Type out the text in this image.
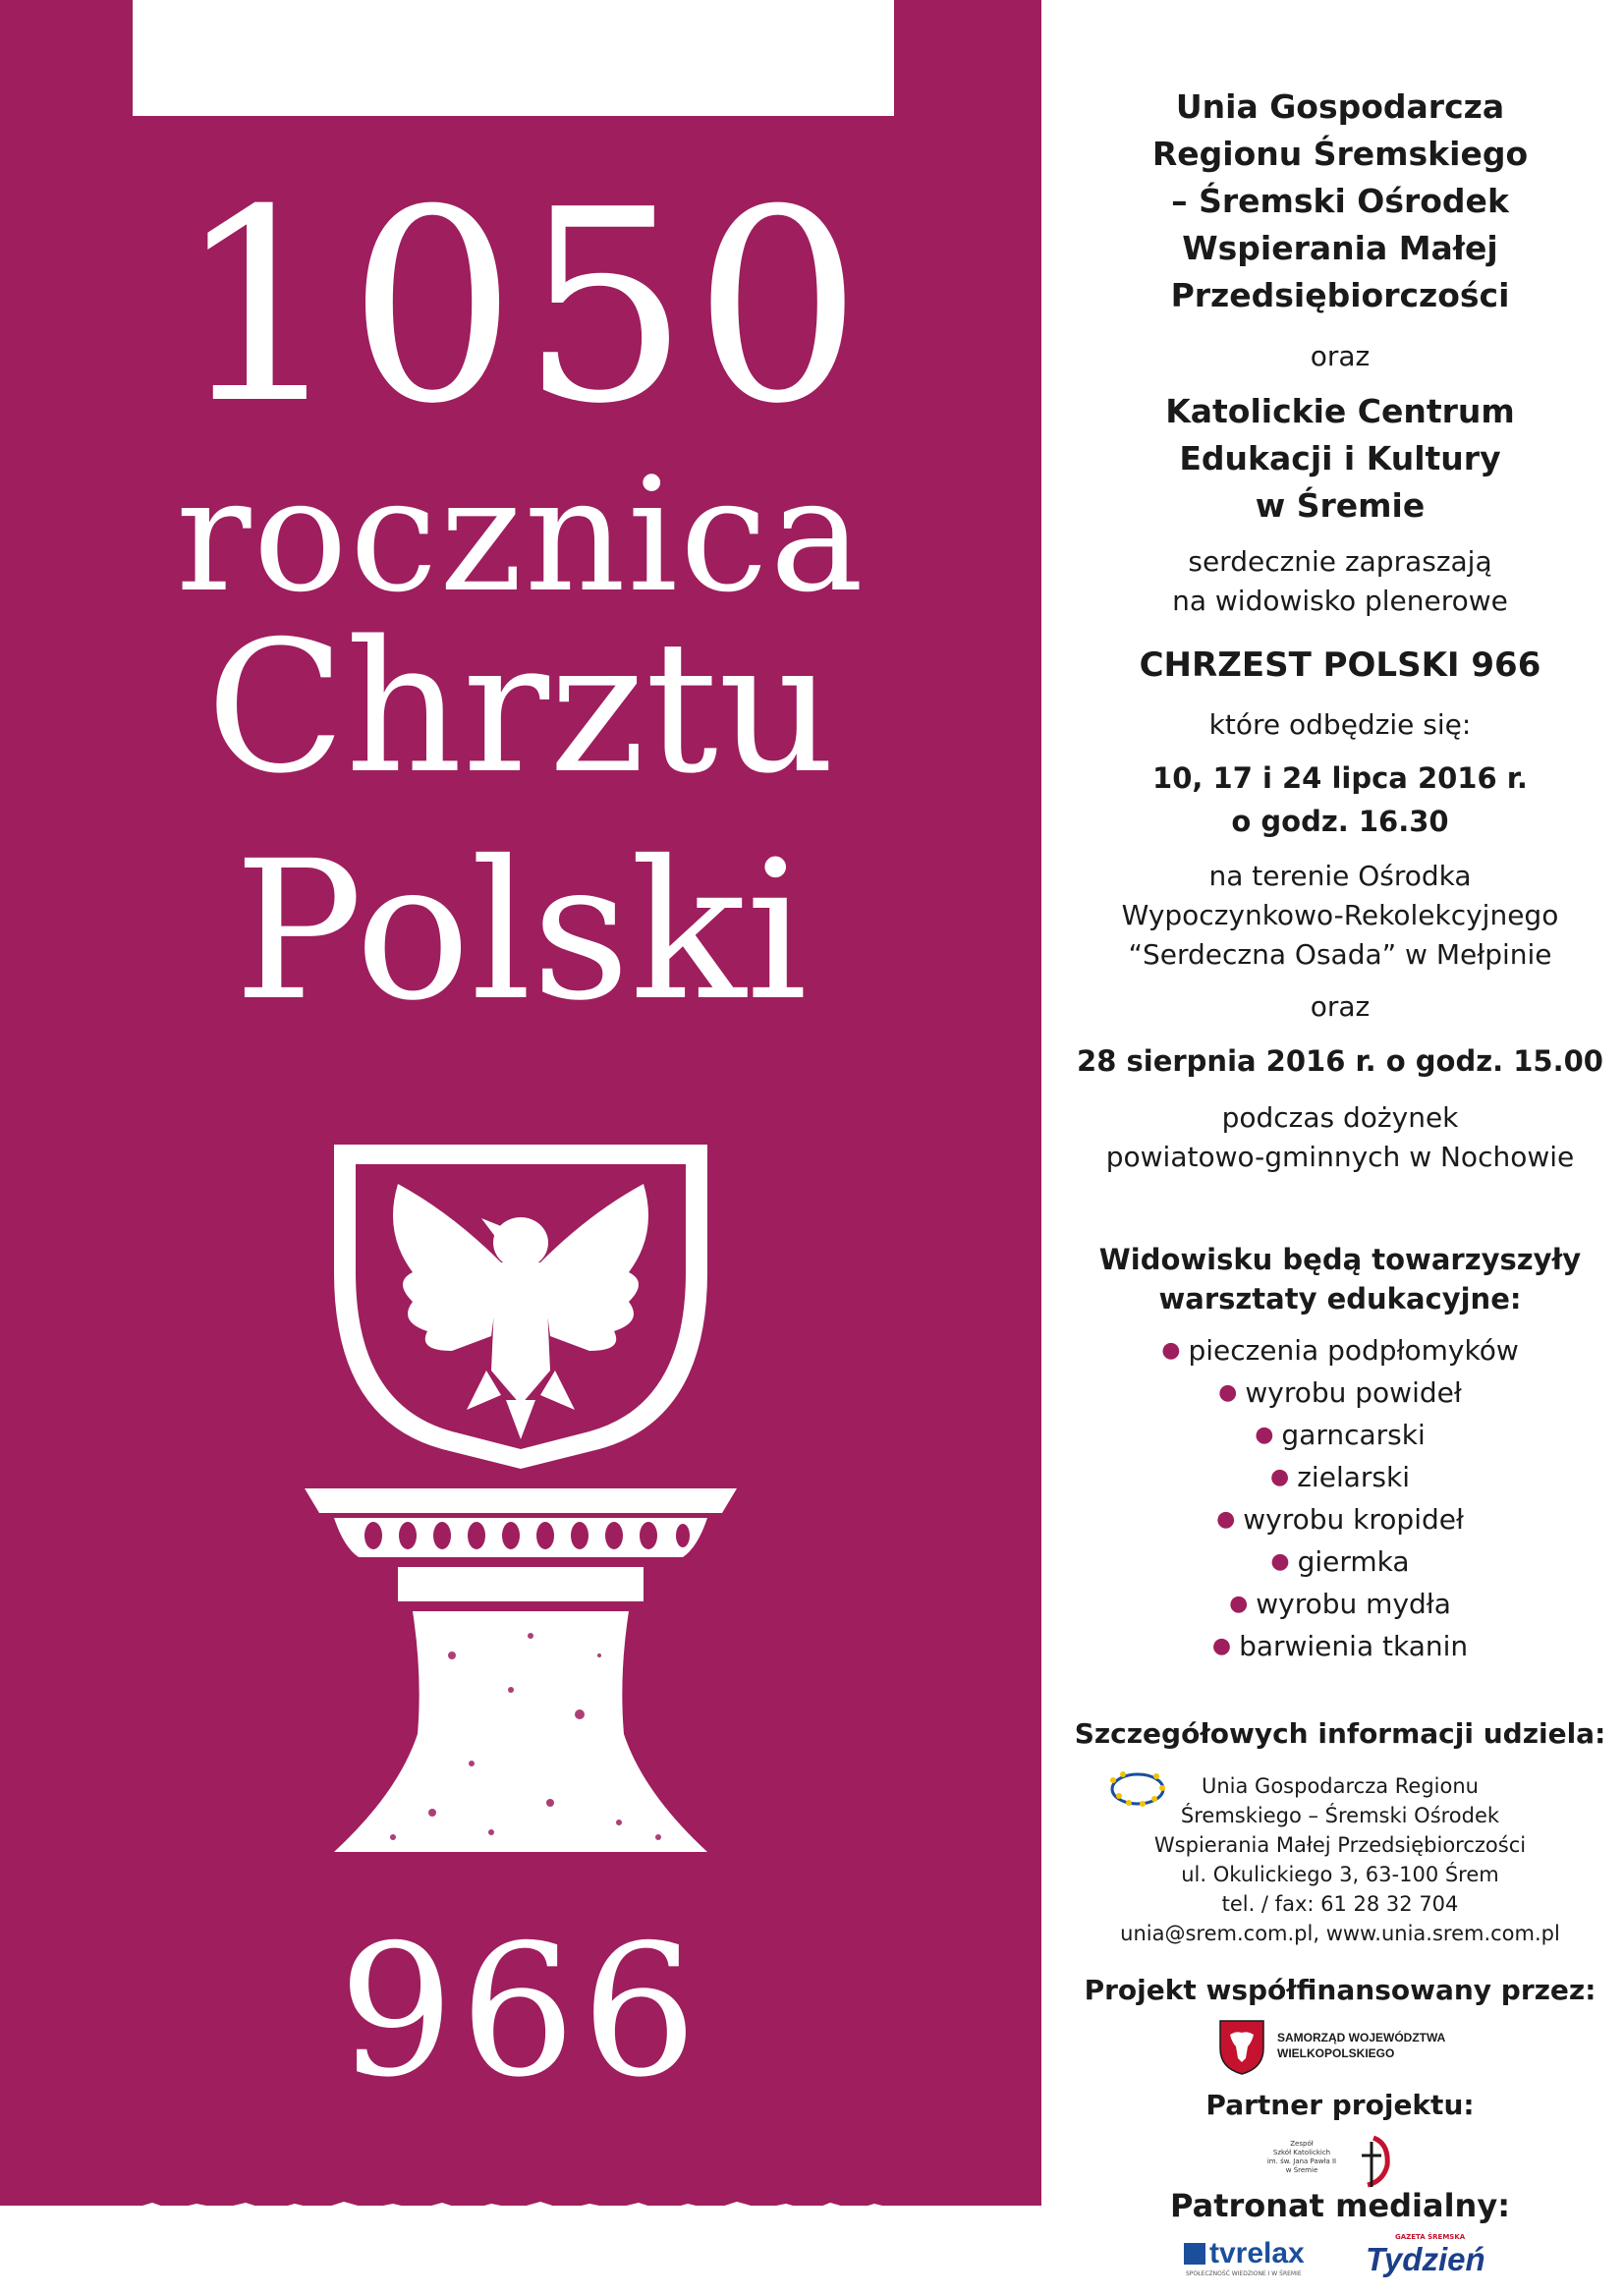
1050
rocznica
Chrztu
Polski
966
Unia Gospodarcza
Regionu Śremskiego
– Śremski Ośrodek
Wspierania Małej
Przedsiębiorczości
oraz
Katolickie Centrum
Edukacji i Kultury
w Śremie
serdecznie zapraszają
na widowisko plenerowe
CHRZEST POLSKI 966
które odbędzie się:
10, 17 i 24 lipca 2016 r.
o godz. 16.30
na terenie Ośrodka
Wypoczynkowo-Rekolekcyjnego
“Serdeczna Osada” w Mełpinie
oraz
28 sierpnia 2016 r. o godz. 15.00
podczas dożynek
powiatowo-gminnych w Nochowie
Widowisku będą towarzyszyły
warsztaty edukacyjne:
● pieczenia podpłomyków
● wyrobu powideł
● garncarski
● zielarski
● wyrobu kropideł
● giermka
● wyrobu mydła
● barwienia tkanin
Szczegółowych informacji udziela:
Unia Gospodarcza Regionu
Śremskiego – Śremski Ośrodek
Wspierania Małej Przedsiębiorczości
ul. Okulickiego 3, 63-100 Śrem
tel. / fax: 61 28 32 704
unia@srem.com.pl, www.unia.srem.com.pl
Projekt współfinansowany przez:
SAMORZĄD WOJEWÓDZTWA
WIELKOPOLSKIEGO
Partner projektu:
Zespół
Szkół Katolickich
im. św. Jana Pawła II
w Śremie
Patronat medialny:
tvrelax
SPOŁECZNOŚĆ WIEDZIONE I W ŚREMIE
GAZETA ŚREMSKA
Tydzień
